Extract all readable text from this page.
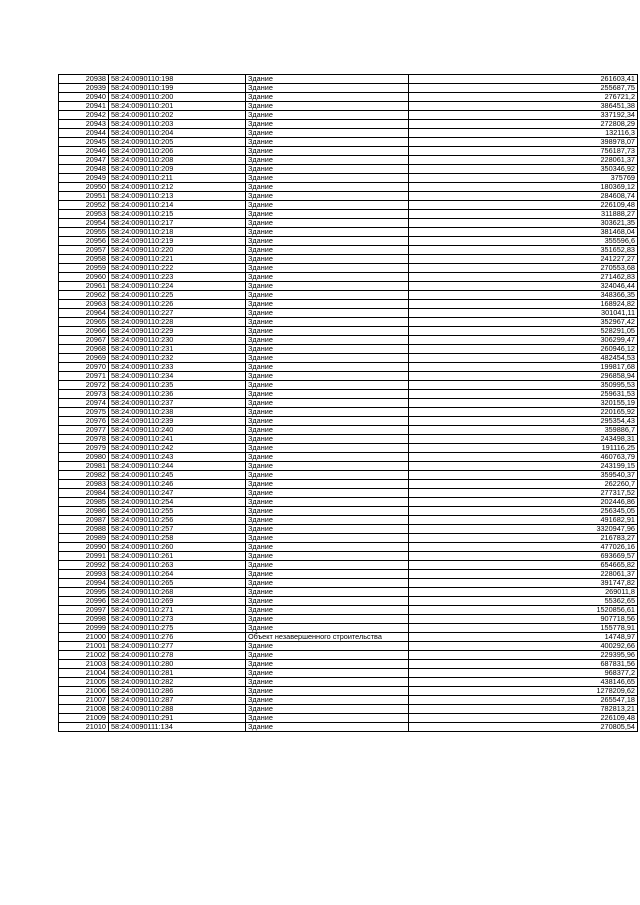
20938	58:24:0090110:198	Здание	261603,41
20939	58:24:0090110:199	Здание	255687,75
20940	58:24:0090110:200	Здание	276721,2
20941	58:24:0090110:201	Здание	386451,38
20942	58:24:0090110:202	Здание	337192,34
20943	58:24:0090110:203	Здание	272808,29
20944	58:24:0090110:204	Здание	132116,3
20945	58:24:0090110:205	Здание	398978,07
20946	58:24:0090110:206	Здание	756187,73
20947	58:24:0090110:208	Здание	228061,37
20948	58:24:0090110:209	Здание	350346,92
20949	58:24:0090110:211	Здание	375769
20950	58:24:0090110:212	Здание	180369,12
20951	58:24:0090110:213	Здание	284608,74
20952	58:24:0090110:214	Здание	226109,48
20953	58:24:0090110:215	Здание	311888,27
20954	58:24:0090110:217	Здание	303621,35
20955	58:24:0090110:218	Здание	381468,04
20956	58:24:0090110:219	Здание	355596,6
20957	58:24:0090110:220	Здание	351652,83
20958	58:24:0090110:221	Здание	241227,27
20959	58:24:0090110:222	Здание	270553,68
20960	58:24:0090110:223	Здание	271462,83
20961	58:24:0090110:224	Здание	324046,44
20962	58:24:0090110:225	Здание	348366,35
20963	58:24:0090110:226	Здание	168924,82
20964	58:24:0090110:227	Здание	301041,11
20965	58:24:0090110:228	Здание	352967,42
20966	58:24:0090110:229	Здание	528291,05
20967	58:24:0090110:230	Здание	306299,47
20968	58:24:0090110:231	Здание	260946,12
20969	58:24:0090110:232	Здание	482454,53
20970	58:24:0090110:233	Здание	199817,68
20971	58:24:0090110:234	Здание	296858,94
20972	58:24:0090110:235	Здание	350995,53
20973	58:24:0090110:236	Здание	259631,53
20974	58:24:0090110:237	Здание	320155,19
20975	58:24:0090110:238	Здание	220165,92
20976	58:24:0090110:239	Здание	295354,43
20977	58:24:0090110:240	Здание	359886,7
20978	58:24:0090110:241	Здание	243498,31
20979	58:24:0090110:242	Здание	191116,25
20980	58:24:0090110:243	Здание	460763,79
20981	58:24:0090110:244	Здание	243199,15
20982	58:24:0090110:245	Здание	359540,37
20983	58:24:0090110:246	Здание	262260,7
20984	58:24:0090110:247	Здание	277317,52
20985	58:24:0090110:254	Здание	202446,86
20986	58:24:0090110:255	Здание	256345,05
20987	58:24:0090110:256	Здание	491682,91
20988	58:24:0090110:257	Здание	3320947,96
20989	58:24:0090110:258	Здание	216783,27
20990	58:24:0090110:260	Здание	477026,16
20991	58:24:0090110:261	Здание	693669,57
20992	58:24:0090110:263	Здание	654665,82
20993	58:24:0090110:264	Здание	228061,37
20994	58:24:0090110:265	Здание	391747,82
20995	58:24:0090110:268	Здание	269011,8
20996	58:24:0090110:269	Здание	55362,65
20997	58:24:0090110:271	Здание	1520856,61
20998	58:24:0090110:273	Здание	907718,56
20999	58:24:0090110:275	Здание	155778,91
21000	58:24:0090110:276	Объект незавершенного строительства	14748,97
21001	58:24:0090110:277	Здание	400292,66
21002	58:24:0090110:278	Здание	229395,96
21003	58:24:0090110:280	Здание	687831,56
21004	58:24:0090110:281	Здание	968377,2
21005	58:24:0090110:282	Здание	438146,65
21006	58:24:0090110:286	Здание	1278209,62
21007	58:24:0090110:287	Здание	265547,18
21008	58:24:0090110:288	Здание	782813,21
21009	58:24:0090110:291	Здание	226109,48
21010	58:24:0090111:134	Здание	270805,54
